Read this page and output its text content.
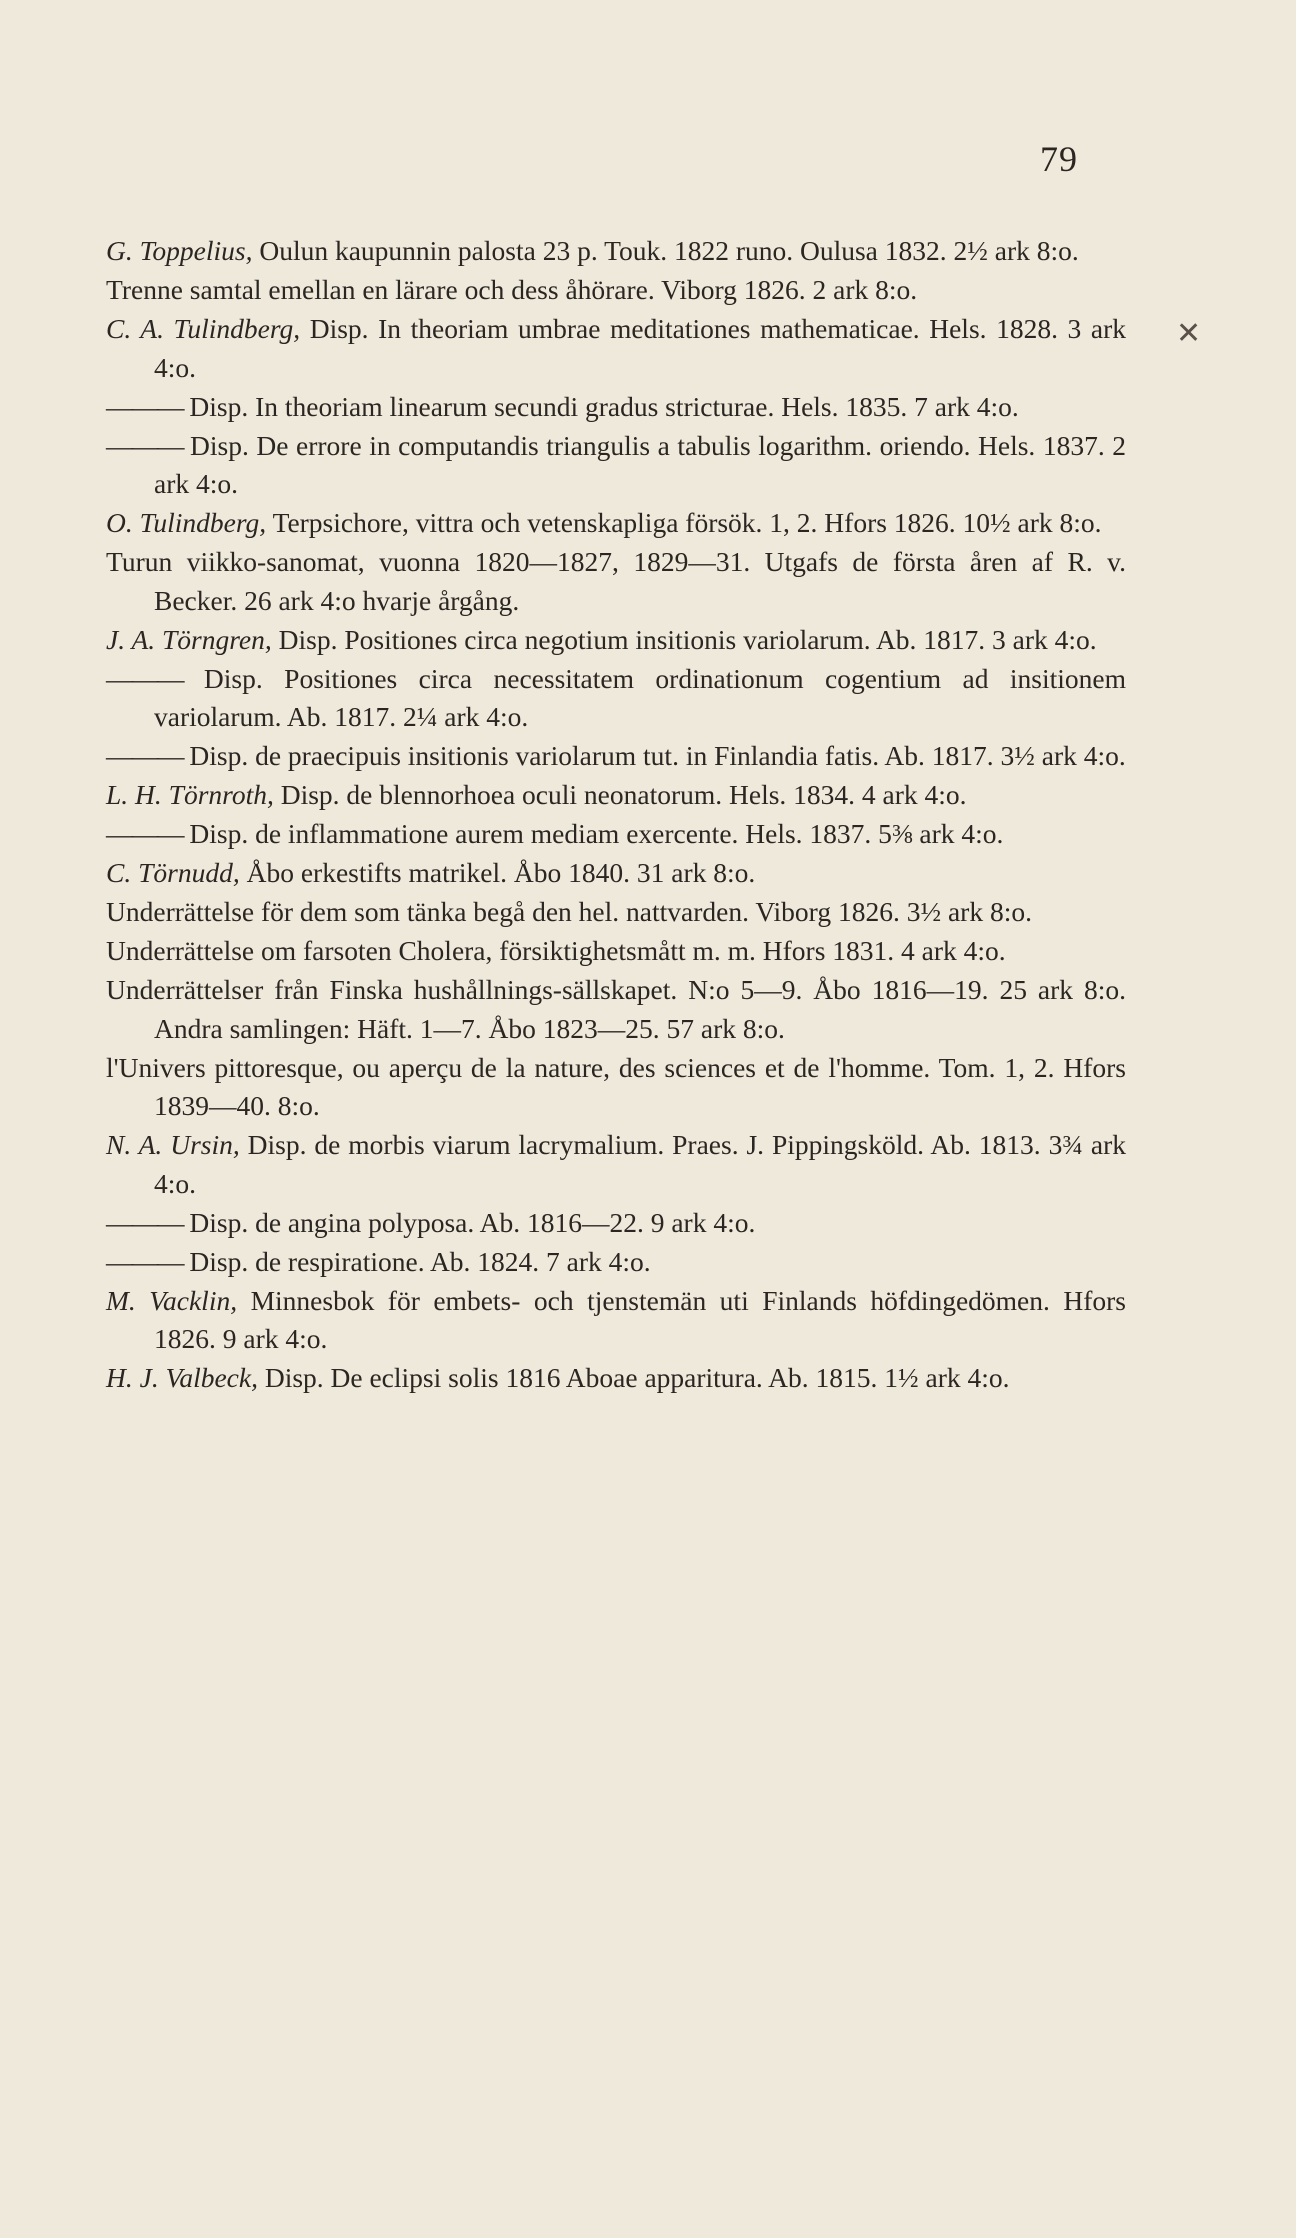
79
✕

G. Toppelius, Oulun kaupunnin palosta 23 p. Touk. 1822 runo. Oulusa 1832. 2½ ark 8:o.

Trenne samtal emellan en lärare och dess åhörare. Viborg 1826. 2 ark 8:o.

C. A. Tulindberg, Disp. In theoriam umbrae meditationes mathematicae. Hels. 1828. 3 ark 4:o.

——— Disp. In theoriam linearum secundi gradus stricturae. Hels. 1835. 7 ark 4:o.

——— Disp. De errore in computandis triangulis a tabulis logarithm. oriendo. Hels. 1837. 2 ark 4:o.

O. Tulindberg, Terpsichore, vittra och vetenskapliga försök. 1, 2. Hfors 1826. 10½ ark 8:o.

Turun viikko-sanomat, vuonna 1820—1827, 1829—31. Utgafs de första åren af R. v. Becker. 26 ark 4:o hvarje årgång.

J. A. Törngren, Disp. Positiones circa negotium insitionis variolarum. Ab. 1817. 3 ark 4:o.

——— Disp. Positiones circa necessitatem ordinationum cogentium ad insitionem variolarum. Ab. 1817. 2¼ ark 4:o.

——— Disp. de praecipuis insitionis variolarum tut. in Finlandia fatis. Ab. 1817. 3½ ark 4:o.

L. H. Törnroth, Disp. de blennorhoea oculi neonatorum. Hels. 1834. 4 ark 4:o.

——— Disp. de inflammatione aurem mediam exercente. Hels. 1837. 5⅜ ark 4:o.

C. Törnudd, Åbo erkestifts matrikel. Åbo 1840. 31 ark 8:o.

Underrättelse för dem som tänka begå den hel. nattvarden. Viborg 1826. 3½ ark 8:o.

Underrättelse om farsoten Cholera, försiktighetsmått m. m. Hfors 1831. 4 ark 4:o.

Underrättelser från Finska hushållnings-sällskapet. N:o 5—9. Åbo 1816—19. 25 ark 8:o. Andra samlingen: Häft. 1—7. Åbo 1823—25. 57 ark 8:o.

l'Univers pittoresque, ou aperçu de la nature, des sciences et de l'homme. Tom. 1, 2. Hfors 1839—40. 8:o.

N. A. Ursin, Disp. de morbis viarum lacrymalium. Praes. J. Pippingsköld. Ab. 1813. 3¾ ark 4:o.

——— Disp. de angina polyposa. Ab. 1816—22. 9 ark 4:o.

——— Disp. de respiratione. Ab. 1824. 7 ark 4:o.

M. Vacklin, Minnesbok för embets- och tjenstemän uti Finlands höfdingedömen. Hfors 1826. 9 ark 4:o.

H. J. Valbeck, Disp. De eclipsi solis 1816 Aboae apparitura. Ab. 1815. 1½ ark 4:o.
